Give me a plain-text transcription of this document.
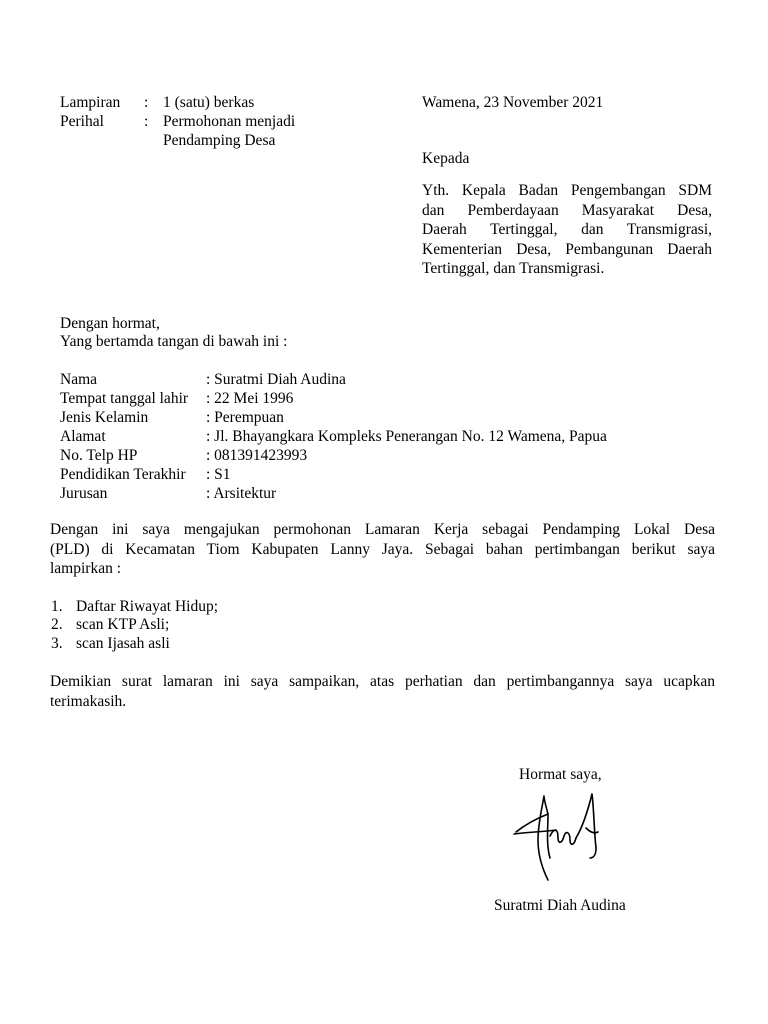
Lampiran	: 1 (satu) berkas
Perihal	: Permohonan menjadi
Pendamping Desa
Wamena, 23 November 2021
Kepada
Yth. Kepala Badan Pengembangan SDM
dan Pemberdayaan Masyarakat Desa,
Daerah Tertinggal, dan Transmigrasi,
Kementerian Desa, Pembangunan Daerah
Tertinggal, dan Transmigrasi.
Dengan hormat,
Yang bertamda tangan di bawah ini :
Nama	: Suratmi Diah Audina
Tempat tanggal lahir	: 22 Mei 1996
Jenis Kelamin	: Perempuan
Alamat	: Jl. Bhayangkara Kompleks Penerangan No. 12 Wamena, Papua
No. Telp HP	: 081391423993
Pendidikan Terakhir	: S1
Jurusan	: Arsitektur
Dengan ini saya mengajukan permohonan Lamaran Kerja sebagai Pendamping Lokal Desa
(PLD) di Kecamatan Tiom Kabupaten Lanny Jaya. Sebagai bahan pertimbangan berikut saya
lampirkan :
1. Daftar Riwayat Hidup;
2. scan KTP Asli;
3. scan Ijasah asli
Demikian surat lamaran ini saya sampaikan, atas perhatian dan pertimbangannya saya ucapkan
terimakasih.
Hormat saya,
Suratmi Diah Audina
